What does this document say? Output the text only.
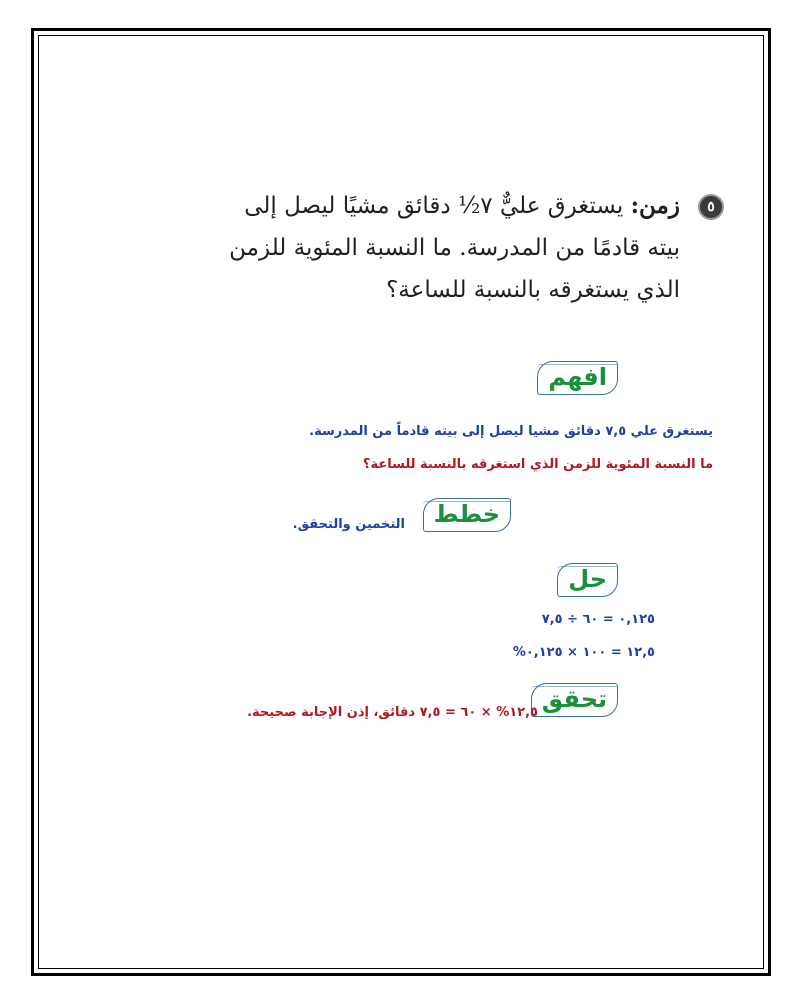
٥
زمن: يستغرق عليٌّ ٧½ دقائق مشيًا ليصل إلى
بيته قادمًا من المدرسة. ما النسبة المئوية للزمن
الذي يستغرقه بالنسبة للساعة؟
افهم
يستغرق علي ٧,٥ دقائق مشيا ليصل إلى بيته قادماً من المدرسة.
ما النسبة المئوية للزمن الذي استغرقه بالنسبة للساعة؟
خطط
التخمين والتحقق.
حل
٠,١٢٥ = ٦٠ ÷ ٧,٥
%١٢,٥ = ١٠٠ × ٠,١٢٥
تحقق
١٢,٥% × ٦٠ = ٧,٥ دقائق، إذن الإجابة صحيحة.
